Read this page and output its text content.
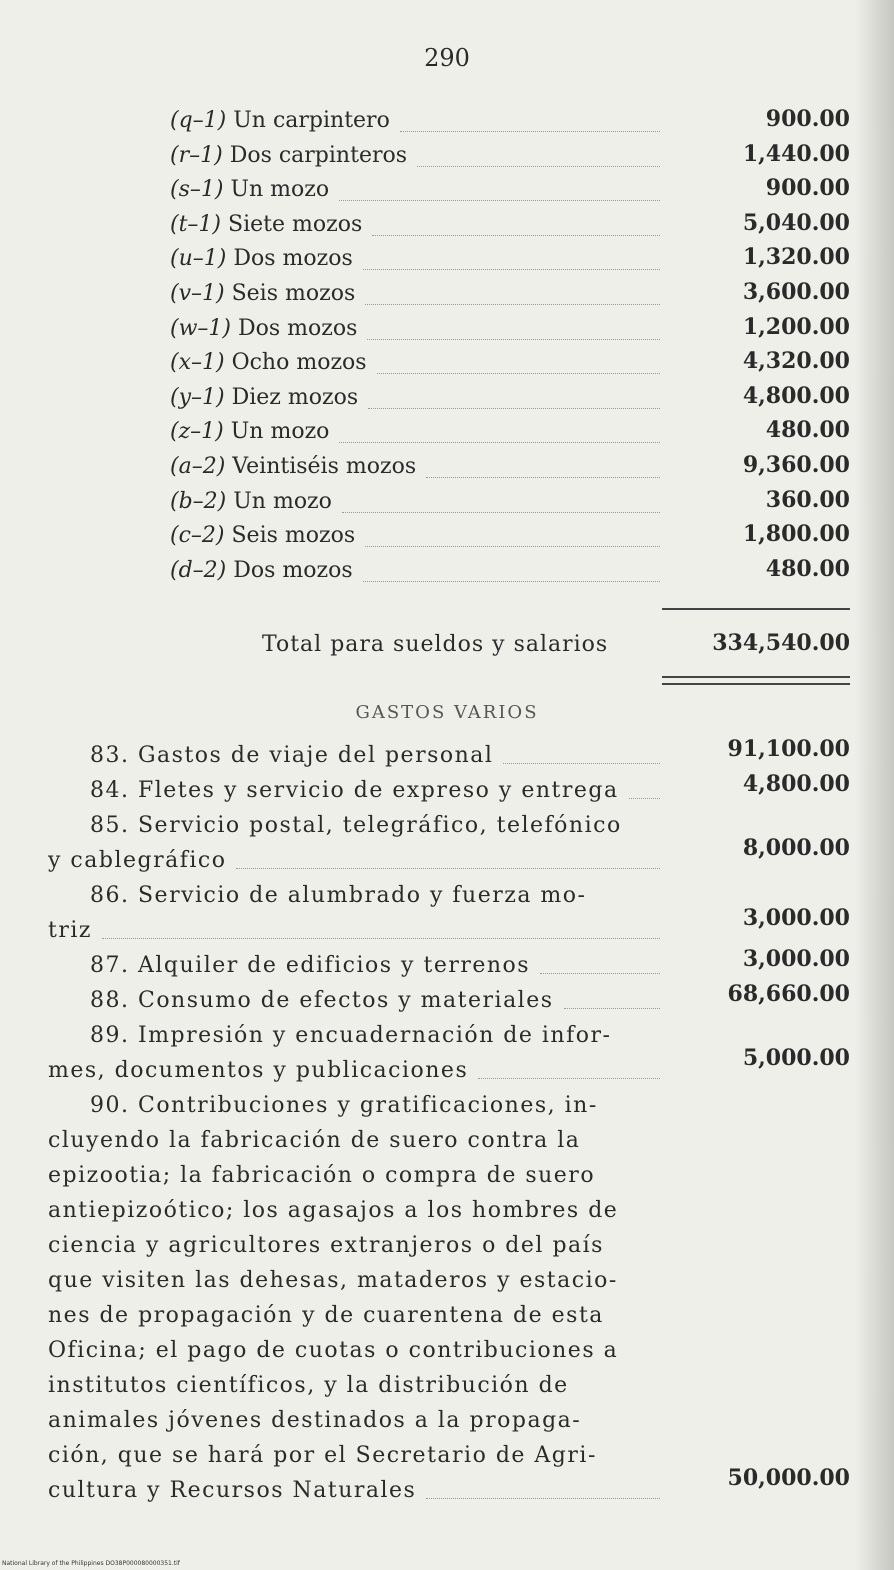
290
(q–1) Un carpintero	900.00
(r–1) Dos carpinteros	1,440.00
(s–1) Un mozo	900.00
(t–1) Siete mozos	5,040.00
(u–1) Dos mozos	1,320.00
(v–1) Seis mozos	3,600.00
(w–1) Dos mozos	1,200.00
(x–1) Ocho mozos	4,320.00
(y–1) Diez mozos	4,800.00
(z–1) Un mozo	480.00
(a–2) Veintiséis mozos	9,360.00
(b–2) Un mozo	360.00
(c–2) Seis mozos	1,800.00
(d–2) Dos mozos	480.00
Total para sueldos y salarios	334,540.00
GASTOS VARIOS
83. Gastos de viaje del personal	91,100.00
84. Fletes y servicio de expreso y entrega	4,800.00
85. Servicio postal, telegráfico, telefónico
y cablegráfico	8,000.00
86. Servicio de alumbrado y fuerza mo-
triz	3,000.00
87. Alquiler de edificios y terrenos	3,000.00
88. Consumo de efectos y materiales	68,660.00
89. Impresión y encuadernación de infor-
mes, documentos y publicaciones	5,000.00
90. Contribuciones y gratificaciones, in-
cluyendo la fabricación de suero contra la
epizootia; la fabricación o compra de suero
antiepizoótico; los agasajos a los hombres de
ciencia y agricultores extranjeros o del país
que visiten las dehesas, mataderos y estacio-
nes de propagación y de cuarentena de esta
Oficina; el pago de cuotas o contribuciones a
institutos científicos, y la distribución de
animales jóvenes destinados a la propaga-
ción, que se hará por el Secretario de Agri-
cultura y Recursos Naturales	50,000.00
National Library of the Philippines DO38P000080000351.tif
